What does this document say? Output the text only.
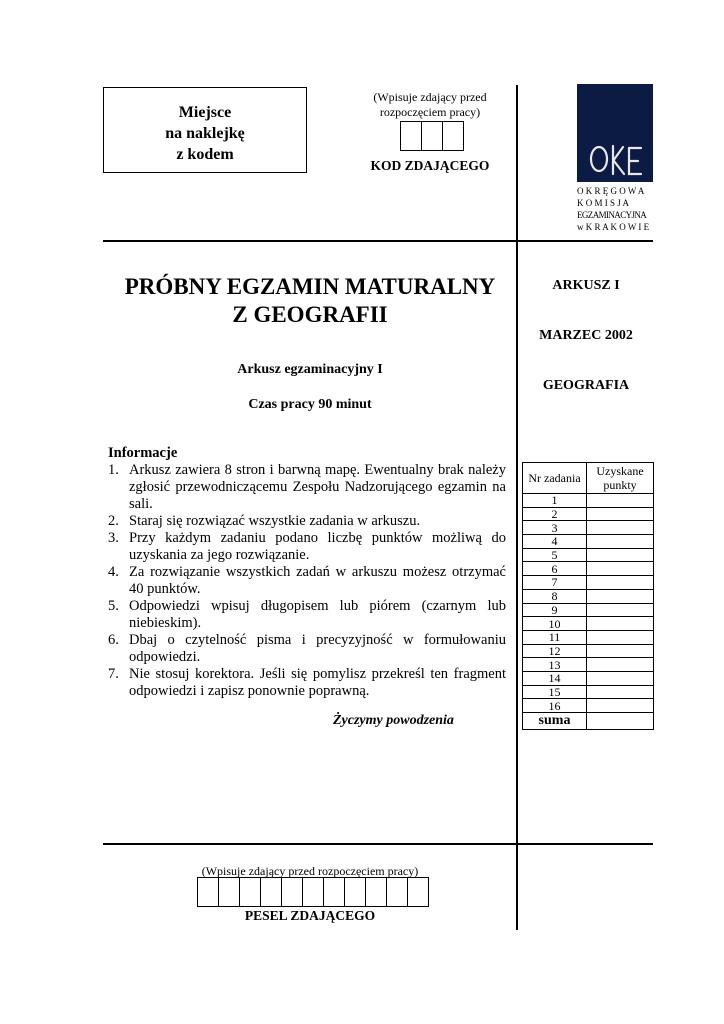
Miejsce
na naklejkę
z kodem
(Wpisuje zdający przed
rozpoczęciem pracy)
KOD ZDAJĄCEGO
O K R Ę G O W A
K O M I S J A
EGZAMINACYJNA
w K R A K O W I E
PRÓBNY EGZAMIN MATURALNY
Z GEOGRAFII
Arkusz egzaminacyjny I
Czas pracy 90 minut
ARKUSZ I
MARZEC 2002
GEOGRAFIA
Informacje
1. Arkusz zawiera 8 stron i barwną mapę. Ewentualny brak należy zgłosić przewodniczącemu Zespołu Nadzorującego egzamin na sali.
2. Staraj się rozwiązać wszystkie zadania w arkuszu.
3. Przy każdym zadaniu podano liczbę punktów możliwą do uzyskania za jego rozwiązanie.
4. Za rozwiązanie wszystkich zadań w arkuszu możesz otrzymać 40 punktów.
5. Odpowiedzi wpisuj długopisem lub piórem (czarnym lub niebieskim).
6. Dbaj o czytelność pisma i precyzyjność w formułowaniu odpowiedzi.
7. Nie stosuj korektora. Jeśli się pomylisz przekreśl ten fragment odpowiedzi i zapisz ponownie poprawną.
Życzymy powodzenia
Nr zadania	Uzyskane
punkty

1	
2	
3	
4	
5	
6	
7	
8	
9	
10	
11	
12	
13	
14	
15	
16	
suma	
(Wpisuje zdający przed rozpoczęciem pracy)
PESEL ZDAJĄCEGO
